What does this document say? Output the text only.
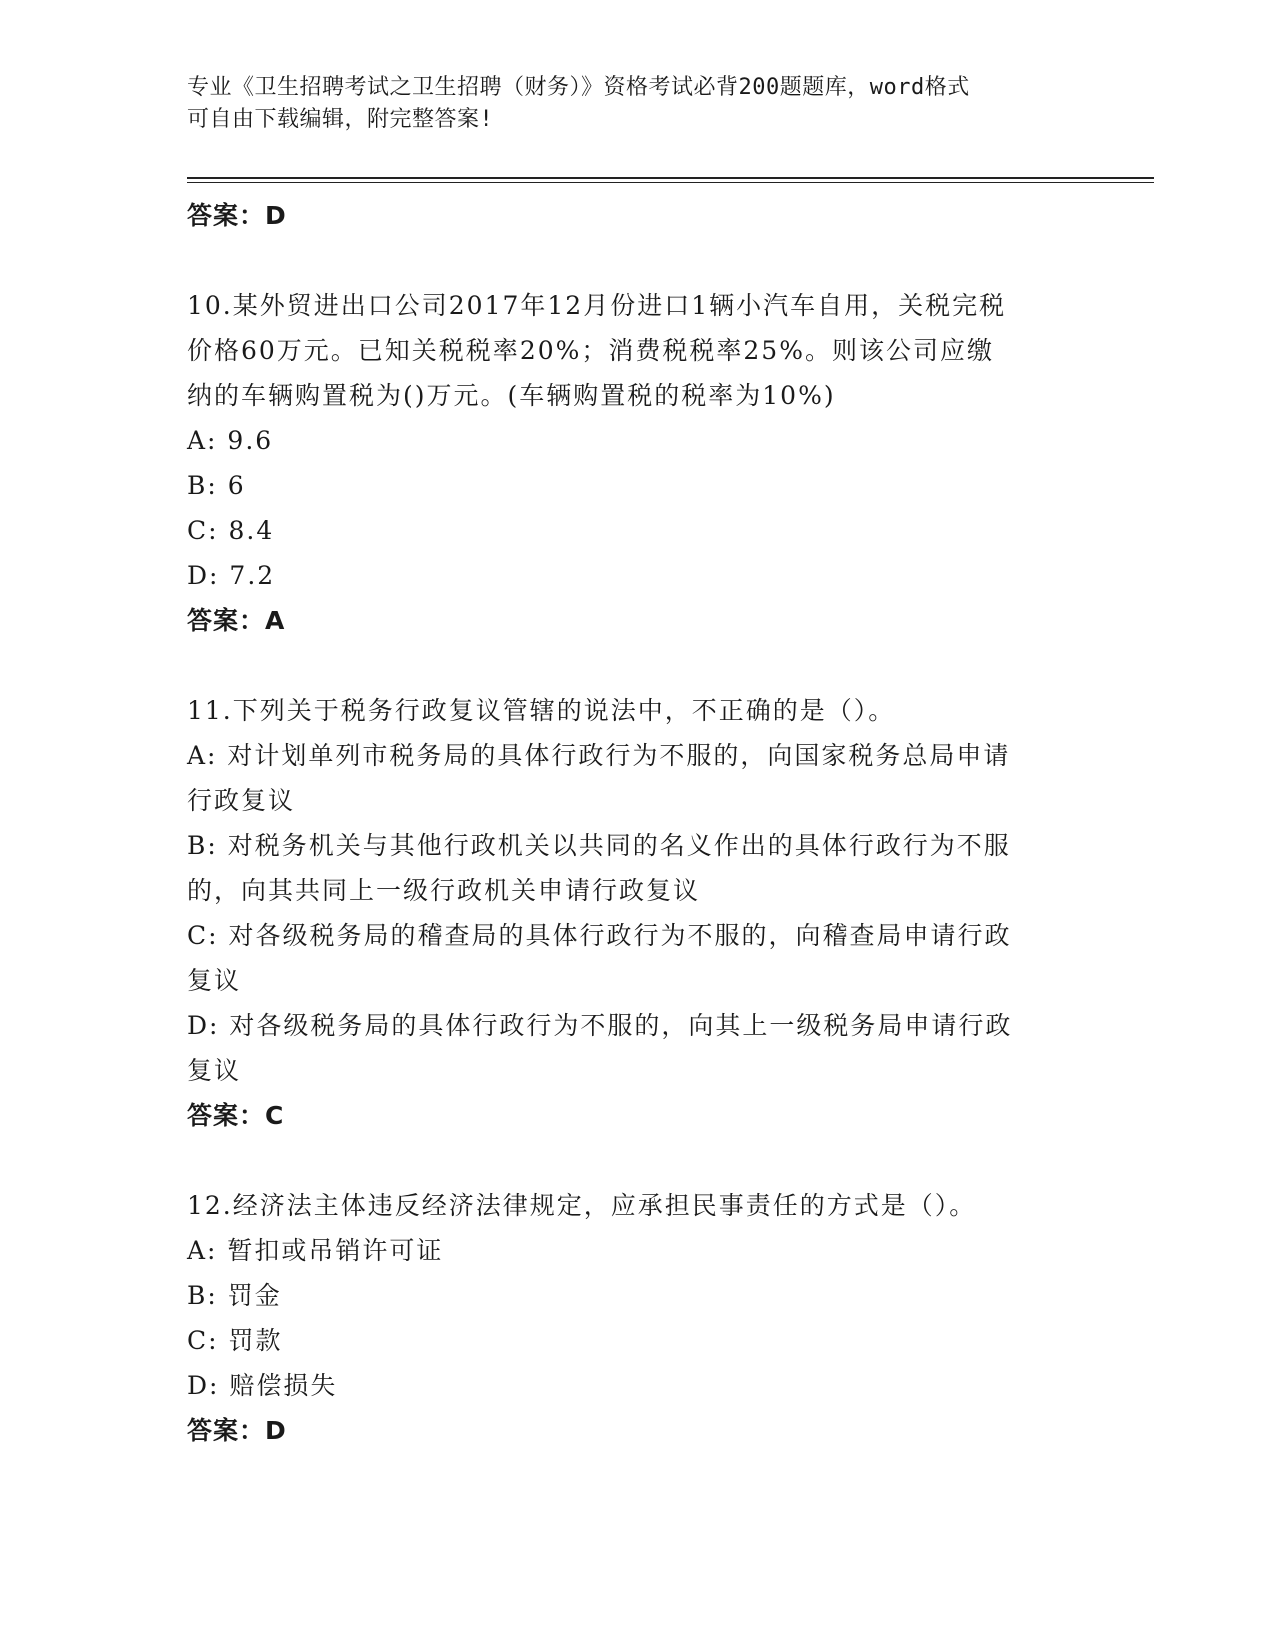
专业《卫生招聘考试之卫生招聘（财务）》资格考试必背200题题库，word格式
可自由下载编辑，附完整答案!
答案：D
10.某外贸进出口公司2017年12月份进口1辆小汽车自用，关税完税
价格60万元。已知关税税率20%；消费税税率25%。则该公司应缴
纳的车辆购置税为()万元。(车辆购置税的税率为10%)
A: 9.6
B: 6
C: 8.4
D: 7.2
答案：A
11.下列关于税务行政复议管辖的说法中，不正确的是（）。
A: 对计划单列市税务局的具体行政行为不服的，向国家税务总局申请
行政复议
B: 对税务机关与其他行政机关以共同的名义作出的具体行政行为不服
的，向其共同上一级行政机关申请行政复议
C: 对各级税务局的稽查局的具体行政行为不服的，向稽查局申请行政
复议
D: 对各级税务局的具体行政行为不服的，向其上一级税务局申请行政
复议
答案：C
12.经济法主体违反经济法律规定，应承担民事责任的方式是（）。
A: 暂扣或吊销许可证
B: 罚金
C: 罚款
D: 赔偿损失
答案：D
